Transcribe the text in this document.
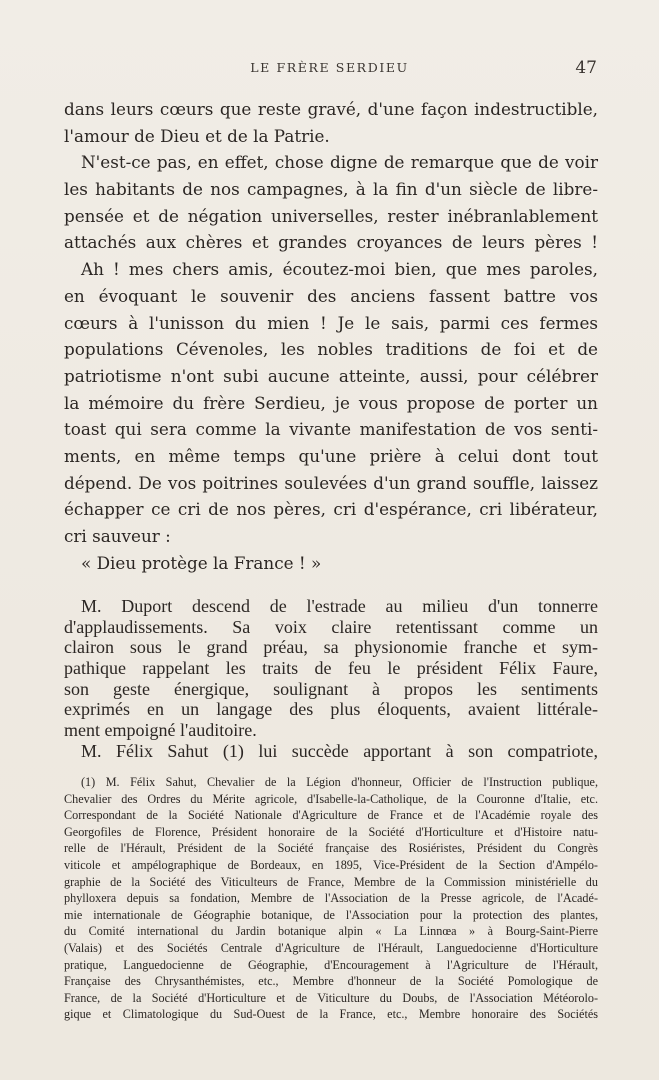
LE FRÈRE SERDIEU	47
dans leurs cœurs que reste gravé, d'une façon indestructible,
l'amour de Dieu et de la Patrie.
N'est-ce pas, en effet, chose digne de remarque que de voir
les habitants de nos campagnes, à la fin d'un siècle de libre-
pensée et de négation universelles, rester inébranlablement
attachés aux chères et grandes croyances de leurs pères !
Ah ! mes chers amis, écoutez-moi bien, que mes paroles,
en évoquant le souvenir des anciens fassent battre vos
cœurs à l'unisson du mien ! Je le sais, parmi ces fermes
populations Cévenoles, les nobles traditions de foi et de
patriotisme n'ont subi aucune atteinte, aussi, pour célébrer
la mémoire du frère Serdieu, je vous propose de porter un
toast qui sera comme la vivante manifestation de vos senti-
ments, en même temps qu'une prière à celui dont tout
dépend. De vos poitrines soulevées d'un grand souffle, laissez
échapper ce cri de nos pères, cri d'espérance, cri libérateur,
cri sauveur :
« Dieu protège la France ! »
M. Duport descend de l'estrade au milieu d'un tonnerre
d'applaudissements. Sa voix claire retentissant comme un
clairon sous le grand préau, sa physionomie franche et sym-
pathique rappelant les traits de feu le président Félix Faure,
son geste énergique, soulignant à propos les sentiments
exprimés en un langage des plus éloquents, avaient littérale-
ment empoigné l'auditoire.
M. Félix Sahut (1) lui succède apportant à son compatriote,
(1) M. Félix Sahut, Chevalier de la Légion d'honneur, Officier de l'Instruction publique,
Chevalier des Ordres du Mérite agricole, d'Isabelle-la-Catholique, de la Couronne d'Italie, etc.
Correspondant de la Société Nationale d'Agriculture de France et de l'Académie royale des
Georgofiles de Florence, Président honoraire de la Société d'Horticulture et d'Histoire natu-
relle de l'Hérault, Président de la Société française des Rosiéristes, Président du Congrès
viticole et ampélographique de Bordeaux, en 1895, Vice-Président de la Section d'Ampélo-
graphie de la Société des Viticulteurs de France, Membre de la Commission ministérielle du
phylloxera depuis sa fondation, Membre de l'Association de la Presse agricole, de l'Acadé-
mie internationale de Géographie botanique, de l'Association pour la protection des plantes,
du Comité international du Jardin botanique alpin « La Linnœa » à Bourg-Saint-Pierre
(Valais) et des Sociétés Centrale d'Agriculture de l'Hérault, Languedocienne d'Horticulture
pratique, Languedocienne de Géographie, d'Encouragement à l'Agriculture de l'Hérault,
Française des Chrysanthémistes, etc., Membre d'honneur de la Société Pomologique de
France, de la Société d'Horticulture et de Viticulture du Doubs, de l'Association Météorolo-
gique et Climatologique du Sud-Ouest de la France, etc., Membre honoraire des Sociétés
